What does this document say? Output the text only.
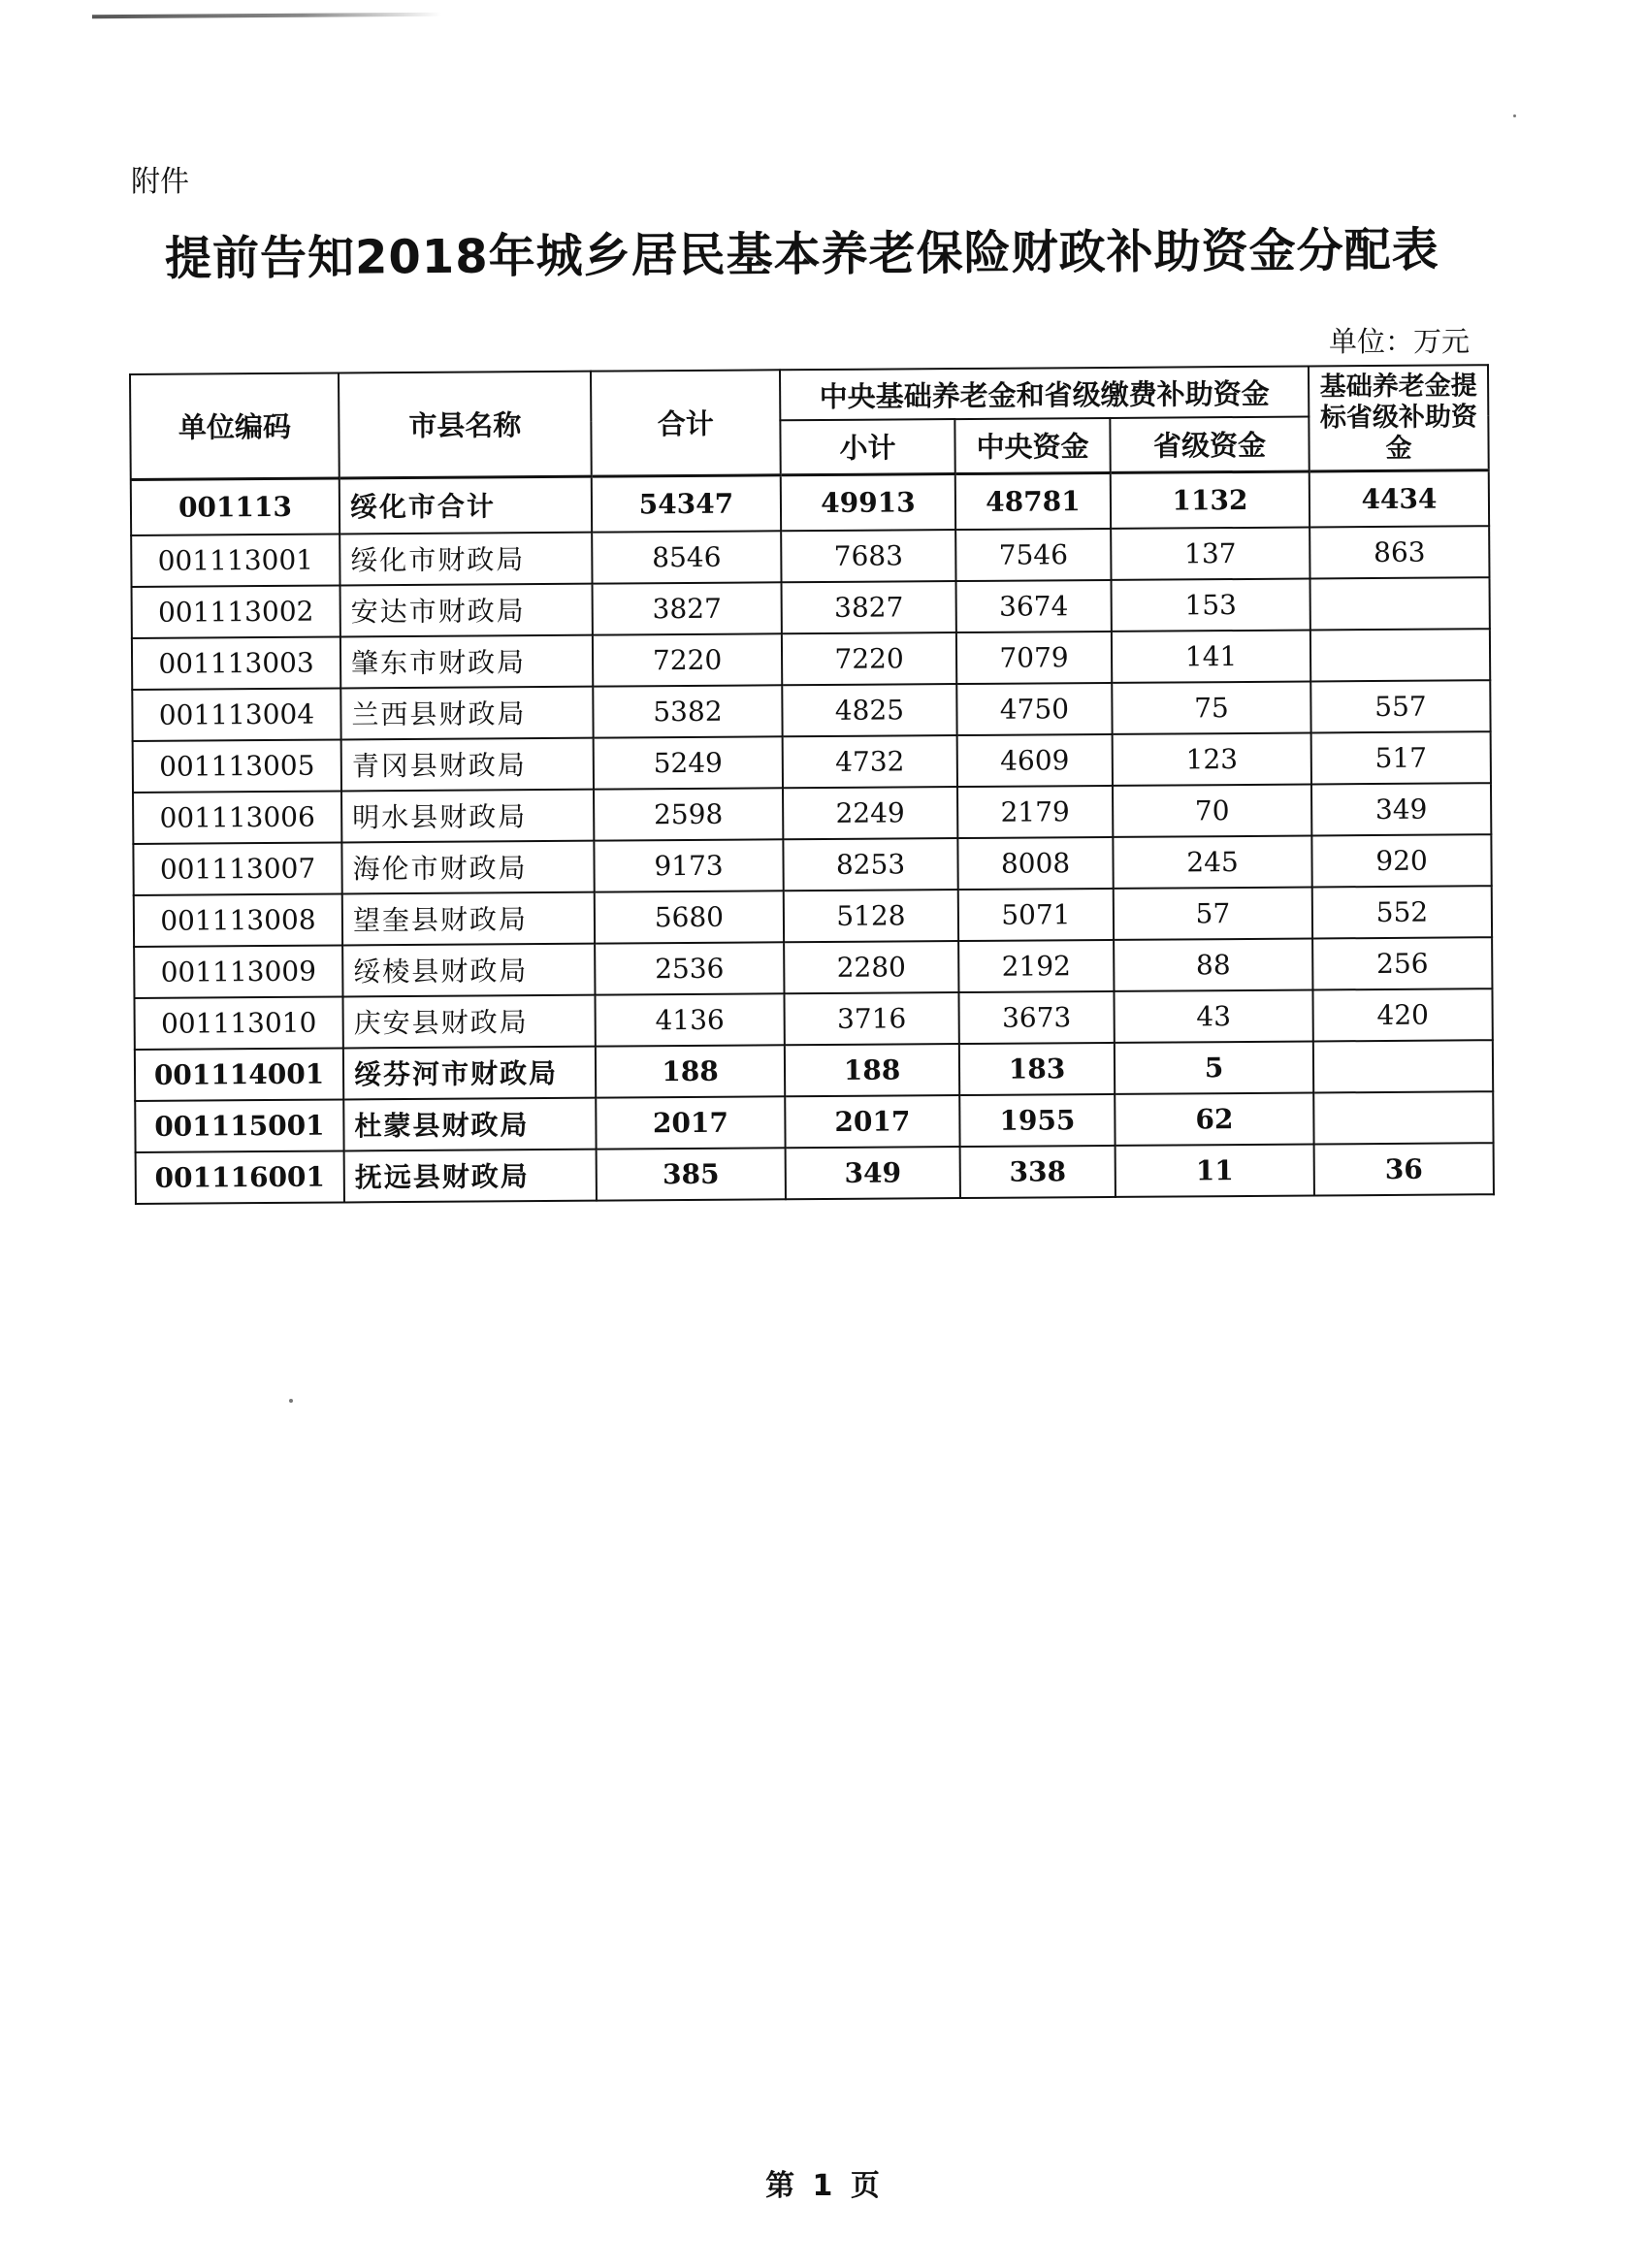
附件
提前告知2018年城乡居民基本养老保险财政补助资金分配表
单位：万元
单位编码	市县名称	合计	中央基础养老金和省级缴费补助资金			基础养老金提标省级补助资金
			小计	中央资金	省级资金	
001113	绥化市合计	54347	49913	48781	1132	4434
001113001	绥化市财政局	8546	7683	7546	137	863
001113002	安达市财政局	3827	3827	3674	153	
001113003	肇东市财政局	7220	7220	7079	141	
001113004	兰西县财政局	5382	4825	4750	75	557
001113005	青冈县财政局	5249	4732	4609	123	517
001113006	明水县财政局	2598	2249	2179	70	349
001113007	海伦市财政局	9173	8253	8008	245	920
001113008	望奎县财政局	5680	5128	5071	57	552
001113009	绥棱县财政局	2536	2280	2192	88	256
001113010	庆安县财政局	4136	3716	3673	43	420
001114001	绥芬河市财政局	188	188	183	5	
001115001	杜蒙县财政局	2017	2017	1955	62	
001116001	抚远县财政局	385	349	338	11	36
第 1 页
